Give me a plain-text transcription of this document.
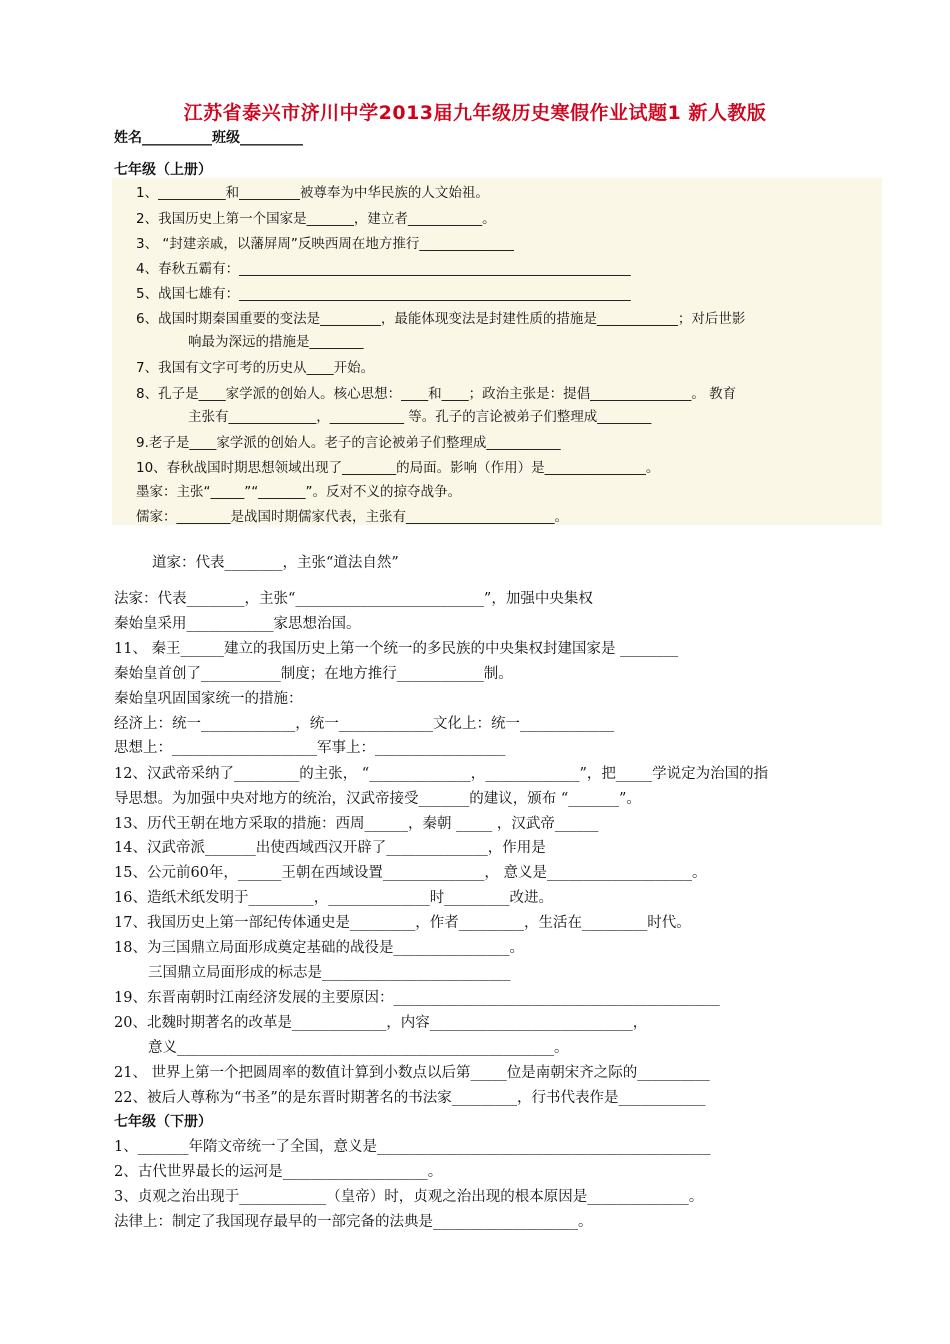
江苏省泰兴市济川中学2013届九年级历史寒假作业试题1 新人教版
姓名__________班级_________
七年级（上册）
1、__________和_________被尊奉为中华民族的人文始祖。
2、我国历史上第一个国家是_______，建立者___________。
3、 “封建亲戚，以藩屏周”反映西周在地方推行______________
4、春秋五霸有：__________________________________________________________
5、战国七雄有：__________________________________________________________
6、战国时期秦国重要的变法是_________，最能体现变法是封建性质的措施是____________；对后世影
响最为深远的措施是________
7、我国有文字可考的历史从____开始。
8、孔子是____家学派的创始人。核心思想：____和____；政治主张是：提倡_______________。 教育
主张有_____________，___________ 等。孔子的言论被弟子们整理成________
9.老子是____家学派的创始人。老子的言论被弟子们整理成___________
10、春秋战国时期思想领域出现了________的局面。影响（作用）是_______________。
墨家：主张“_____”“_______”。反对不义的掠夺战争。
儒家：________是战国时期儒家代表，主张有______________________。
道家：代表________，主张“道法自然”
法家：代表________，主张“__________________________”，加强中央集权
秦始皇采用____________家思想治国。
11、 秦王______建立的我国历史上第一个统一的多民族的中央集权封建国家是 ________
秦始皇首创了___________制度；在地方推行____________制。
秦始皇巩固国家统一的措施：
经济上：统一_____________，统一_____________文化上：统一_____________
思想上：____________________军事上：__________________
12、汉武帝采纳了_________的主张， “______________，_____________”，把_____学说定为治国的指
导思想。为加强中央对地方的统治，汉武帝接受_______的建议，颁布 “_______”。
13、历代王朝在地方采取的措施：西周______，秦朝 _____ ，汉武帝______
14、汉武帝派_______出使西域西汉开辟了______________，作用是
15、公元前60年，______王朝在西域设置______________， 意义是____________________。
16、造纸术纸发明于_________，______________时_________改进。
17、我国历史上第一部纪传体通史是_________，作者_________，生活在_________时代。
18、为三国鼎立局面形成奠定基础的战役是________________。
三国鼎立局面形成的标志是__________________________
19、东晋南朝时江南经济发展的主要原因：_____________________________________________
20、北魏时期著名的改革是_____________，内容____________________________，
意义____________________________________________________。
21、 世界上第一个把圆周率的数值计算到小数点以后第_____位是南朝宋齐之际的__________
22、被后人尊称为“书圣”的是东晋时期著名的书法家_________，行书代表作是____________
七年级（下册）
1、_______年隋文帝统一了全国，意义是______________________________________________
2、古代世界最长的运河是____________________。
3、贞观之治出现于____________（皇帝）时，贞观之治出现的根本原因是______________。
法律上：制定了我国现存最早的一部完备的法典是____________________。
